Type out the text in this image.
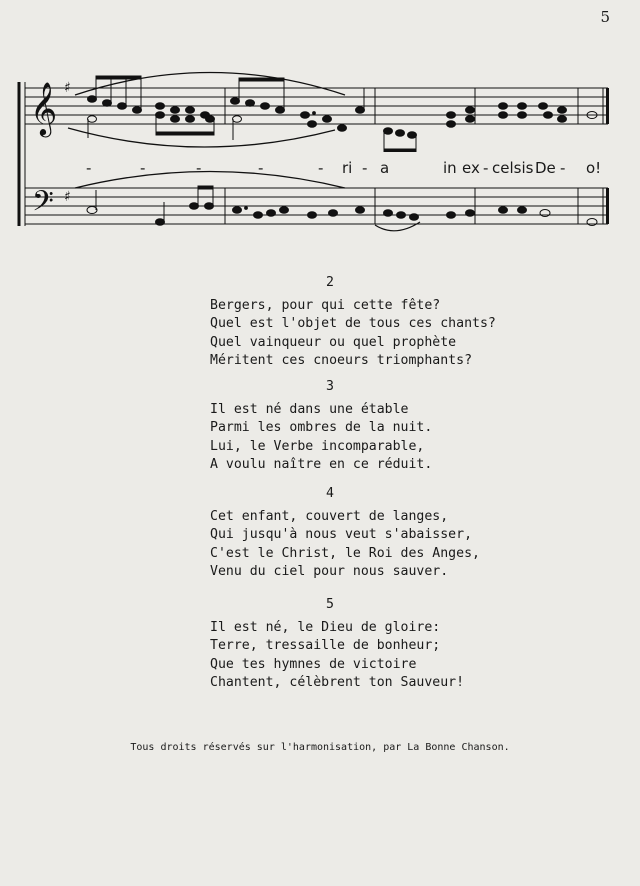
5
𝄞
𝄢
♯
♯
-	-	-	-	- ri - a	in ex - celsis De - o!
2
Bergers, pour qui cette fête?
Quel est l'objet de tous ces chants?
Quel vainqueur ou quel prophète
Méritent ces cnoeurs triomphants?
3
Il est né dans une étable
Parmi les ombres de la nuit.
Lui, le Verbe incomparable,
A voulu naître en ce réduit.
4
Cet enfant, couvert de langes,
Qui jusqu'à nous veut s'abaisser,
C'est le Christ, le Roi des Anges,
Venu du ciel pour nous sauver.
5
Il est né, le Dieu de gloire:
Terre, tressaille de bonheur;
Que tes hymnes de victoire
Chantent, célèbrent ton Sauveur!
Tous droits réservés sur l'harmonisation, par La Bonne Chanson.
